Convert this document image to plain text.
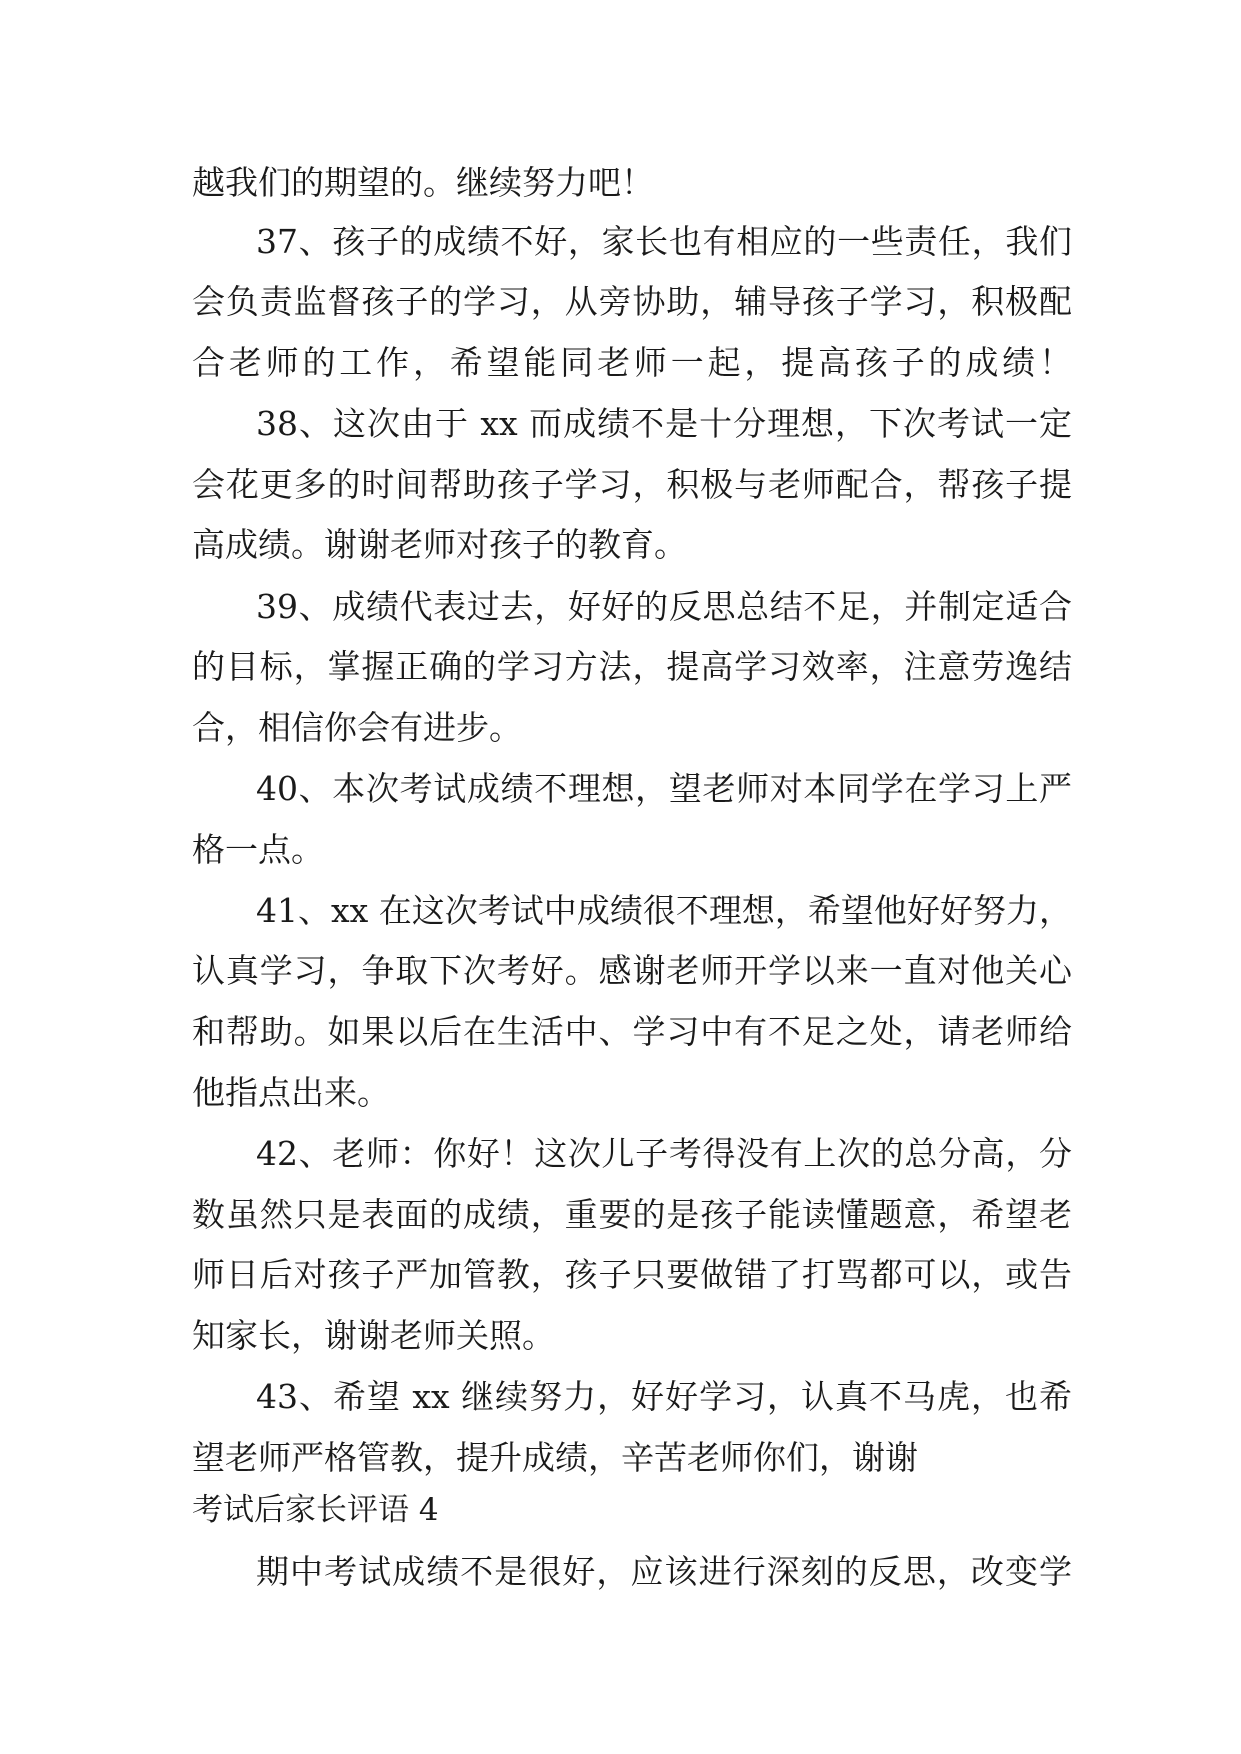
越我们的期望的。继续努力吧！

37、孩子的成绩不好，家长也有相应的一些责任，我们

会负责监督孩子的学习，从旁协助，辅导孩子学习，积极配

合老师的工作，希望能同老师一起，提高孩子的成绩！

38、这次由于 xx 而成绩不是十分理想，下次考试一定

会花更多的时间帮助孩子学习，积极与老师配合，帮孩子提

高成绩。谢谢老师对孩子的教育。

39、成绩代表过去，好好的反思总结不足，并制定适合

的目标，掌握正确的学习方法，提高学习效率，注意劳逸结

合，相信你会有进步。

40、本次考试成绩不理想，望老师对本同学在学习上严

格一点。

41、xx 在这次考试中成绩很不理想，希望他好好努力，

认真学习，争取下次考好。感谢老师开学以来一直对他关心

和帮助。如果以后在生活中、学习中有不足之处，请老师给

他指点出来。

42、老师：你好！这次儿子考得没有上次的总分高，分

数虽然只是表面的成绩，重要的是孩子能读懂题意，希望老

师日后对孩子严加管教，孩子只要做错了打骂都可以，或告

知家长，谢谢老师关照。

43、希望 xx 继续努力，好好学习，认真不马虎，也希

望老师严格管教，提升成绩，辛苦老师你们，谢谢

考试后家长评语 4

期中考试成绩不是很好，应该进行深刻的反思，改变学
